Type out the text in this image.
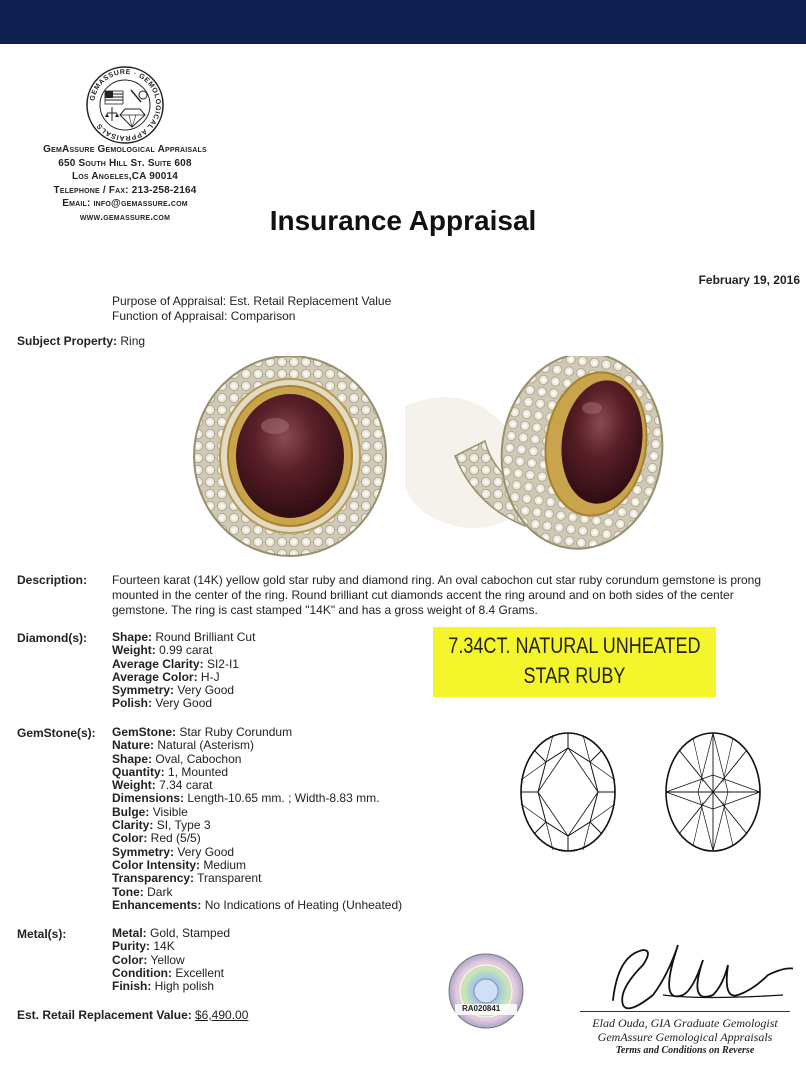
GEMASSURE · GEMOLOGICAL APPRAISALS
GemAssure Gemological Appraisals
650 South Hill St. Suite 608
Los Angeles,CA 90014
Telephone / Fax: 213-258-2164
Email: info@gemassure.com
www.gemassure.com	Insurance Appraisal
February 19, 2016
Purpose of Appraisal: Est. Retail Replacement Value
Function of Appraisal: Comparison
Subject Property: Ring
Description: Fourteen karat (14K) yellow gold star ruby and diamond ring. An oval cabochon cut star ruby corundum gemstone is prong mounted in the center of the ring. Round brilliant cut diamonds accent the ring around and on both sides of the center gemstone. The ring is cast stamped "14K" and has a gross weight of 8.4 Grams.
Diamond(s): Shape: Round Brilliant Cut
Weight: 0.99 carat
Average Clarity: SI2-I1
Average Color: H-J
Symmetry: Very Good
Polish: Very Good
7.34CT. NATURAL UNHEATED
STAR RUBY
GemStone(s): GemStone: Star Ruby Corundum
Nature: Natural (Asterism)
Shape: Oval, Cabochon
Quantity: 1, Mounted
Weight: 7.34 carat
Dimensions: Length-10.65 mm. ; Width-8.83 mm.
Bulge: Visible
Clarity: SI, Type 3
Color: Red (5/5)
Symmetry: Very Good
Color Intensity: Medium
Transparency: Transparent
Tone: Dark
Enhancements: No Indications of Heating (Unheated)
Metal(s):	Metal: Gold, Stamped
Purity: 14K
Color: Yellow
Condition: Excellent
Finish: High polish
RA020841
Elad Ouda, GIA Graduate Gemologist
GemAssure Gemological Appraisals
Terms and Conditions on Reverse
Est. Retail Replacement Value: $6,490.00
